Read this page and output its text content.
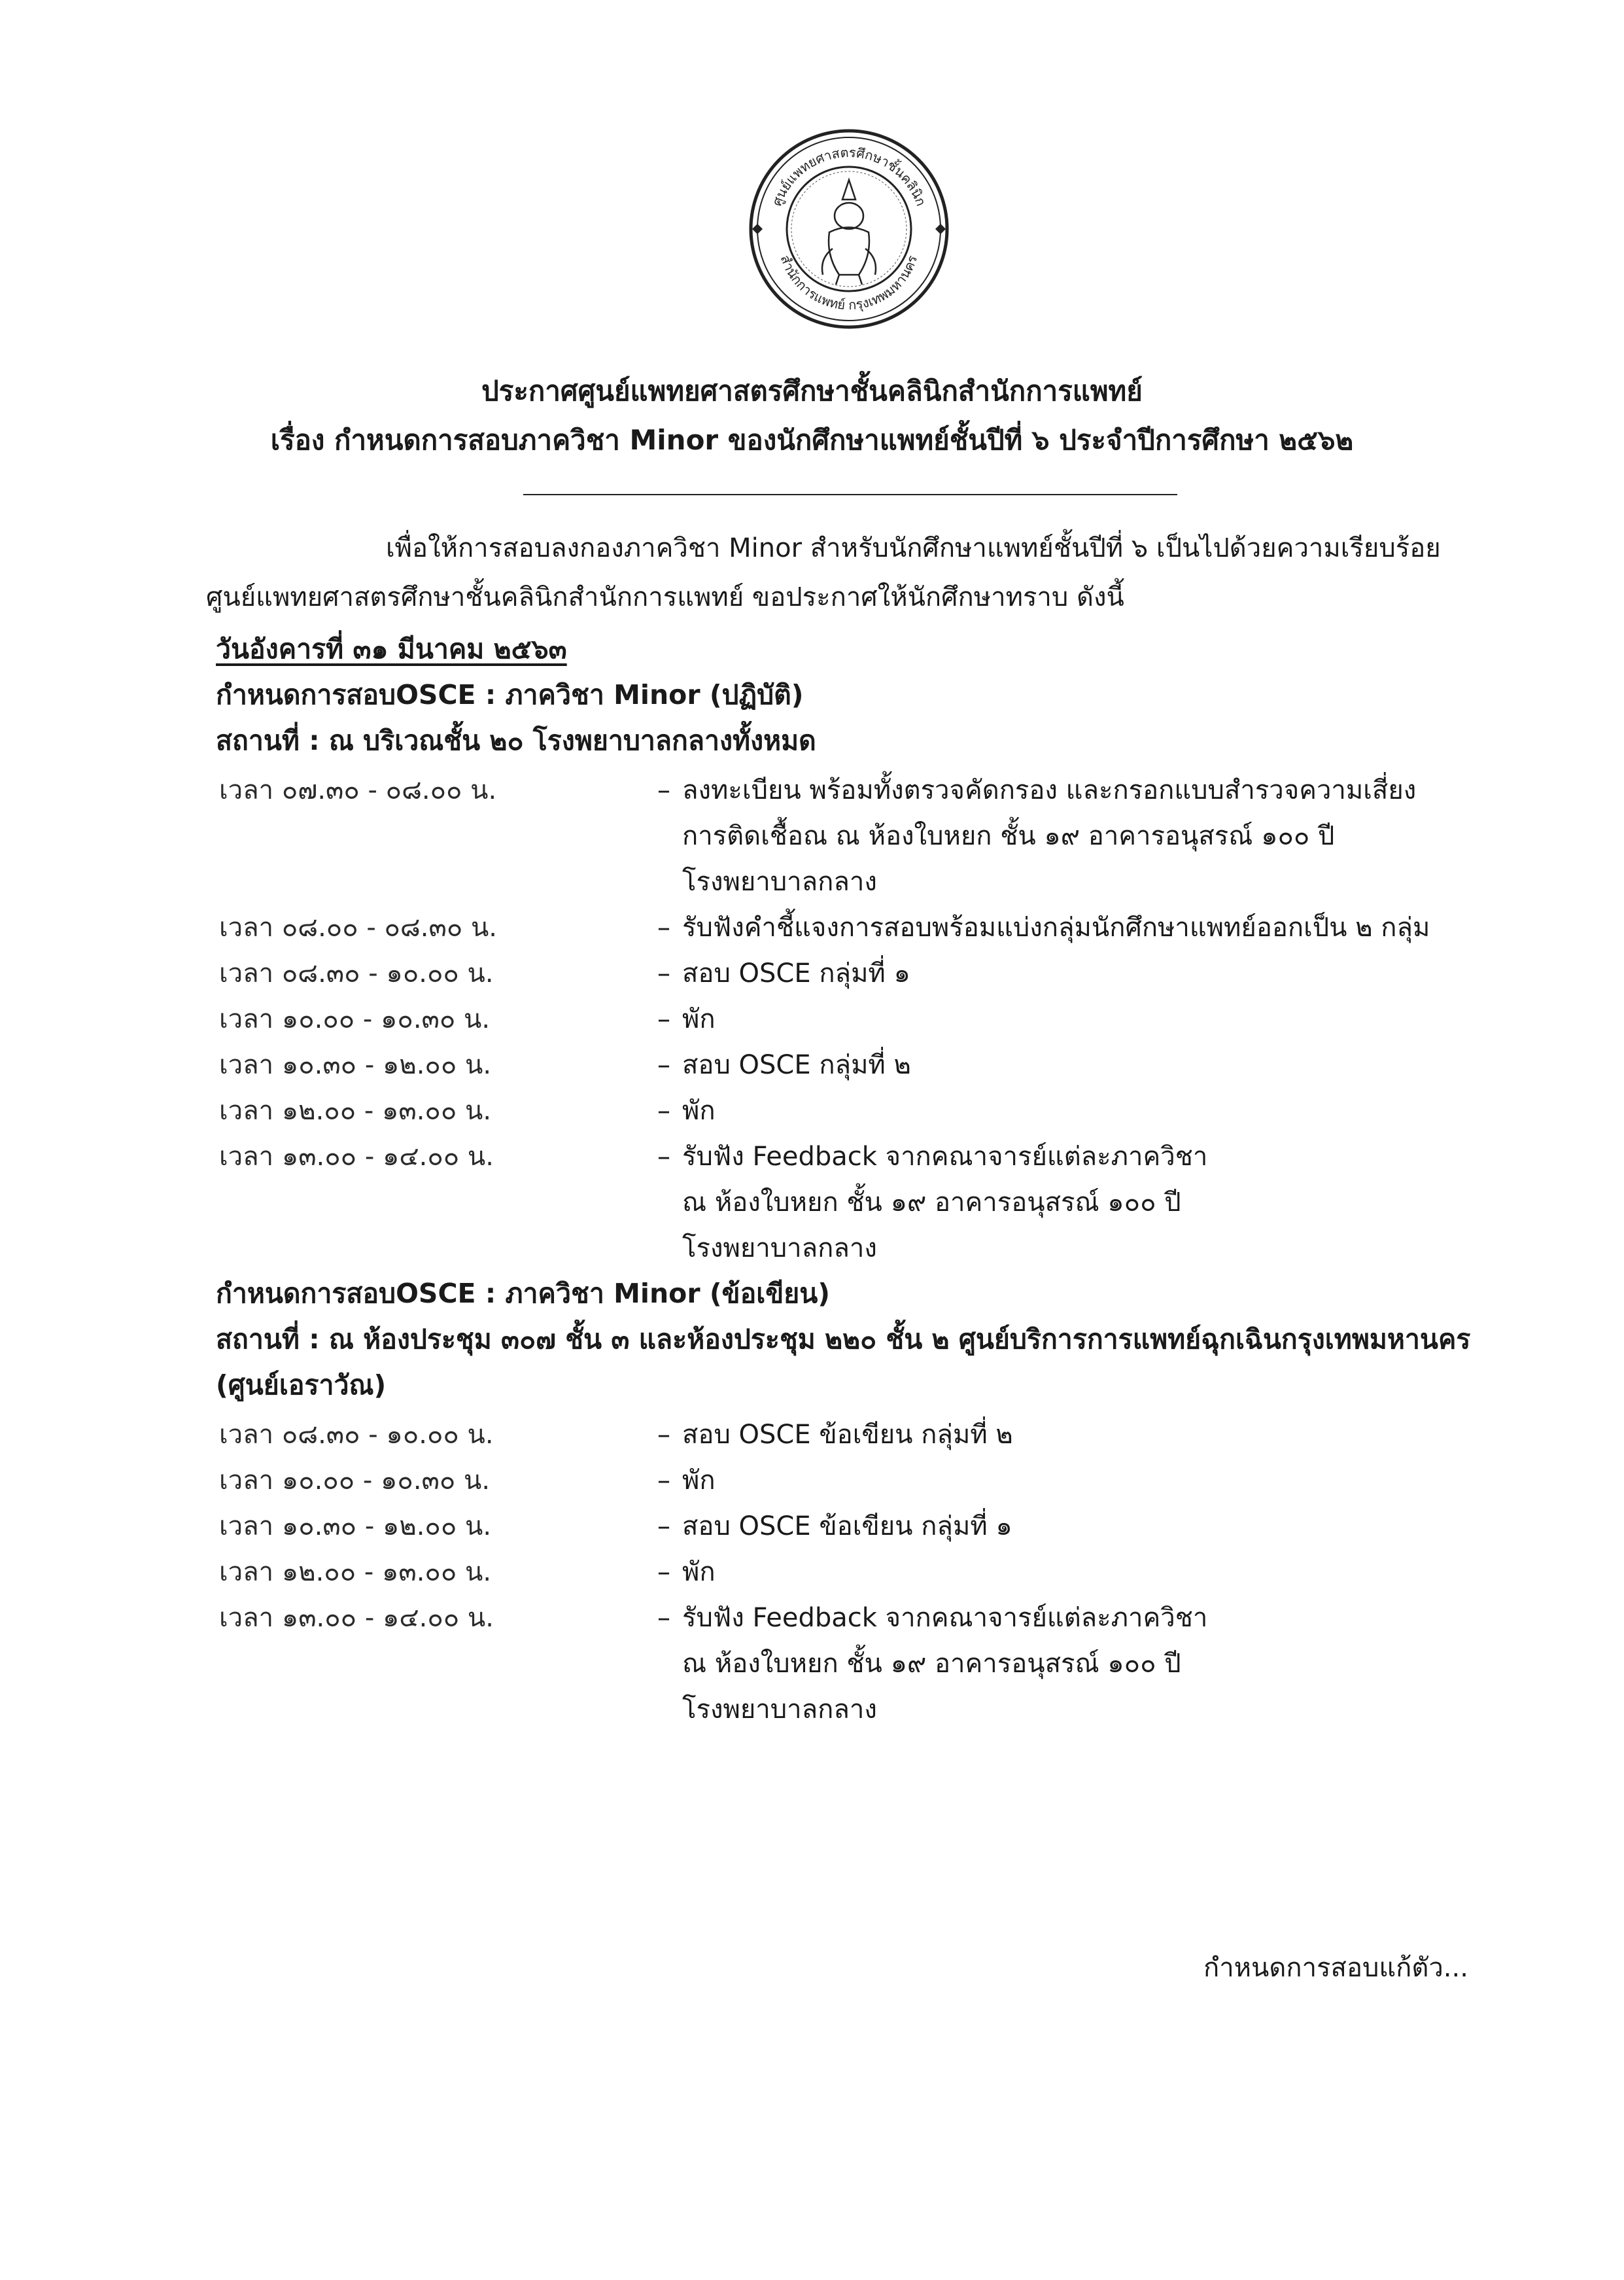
ศูนย์แพทยศาสตรศึกษาชั้นคลินิก
สำนักการแพทย์ กรุงเทพมหานคร
ประกาศศูนย์แพทยศาสตรศึกษาชั้นคลินิกสำนักการแพทย์
เรื่อง กำหนดการสอบภาควิชา Minor ของนักศึกษาแพทย์ชั้นปีที่ ๖ ประจำปีการศึกษา ๒๕๖๒
เพื่อให้การสอบลงกองภาควิชา Minor สำหรับนักศึกษาแพทย์ชั้นปีที่ ๖ เป็นไปด้วยความเรียบร้อย
ศูนย์แพทยศาสตรศึกษาชั้นคลินิกสำนักการแพทย์ ขอประกาศให้นักศึกษาทราบ ดังนี้
วันอังคารที่ ๓๑ มีนาคม ๒๕๖๓
กำหนดการสอบOSCE : ภาควิชา Minor (ปฏิบัติ)
สถานที่ : ณ บริเวณชั้น ๒๐ โรงพยาบาลกลางทั้งหมด
เวลา ๐๗.๓๐ - ๐๘.๐๐ น.	– ลงทะเบียน พร้อมทั้งตรวจคัดกรอง และกรอกแบบสำรวจความเสี่ยง
การติดเชื้อณ ณ ห้องใบหยก ชั้น ๑๙ อาคารอนุสรณ์ ๑๐๐ ปี
โรงพยาบาลกลาง
เวลา ๐๘.๐๐ - ๐๘.๓๐ น.	– รับฟังคำชี้แจงการสอบพร้อมแบ่งกลุ่มนักศึกษาแพทย์ออกเป็น ๒ กลุ่ม
เวลา ๐๘.๓๐ - ๑๐.๐๐ น.	– สอบ OSCE กลุ่มที่ ๑
เวลา ๑๐.๐๐ - ๑๐.๓๐ น.	– พัก
เวลา ๑๐.๓๐ - ๑๒.๐๐ น.	– สอบ OSCE กลุ่มที่ ๒
เวลา ๑๒.๐๐ - ๑๓.๐๐ น.	– พัก
เวลา ๑๓.๐๐ - ๑๔.๐๐ น.	– รับฟัง Feedback จากคณาจารย์แต่ละภาควิชา
ณ ห้องใบหยก ชั้น ๑๙ อาคารอนุสรณ์ ๑๐๐ ปี
โรงพยาบาลกลาง
กำหนดการสอบOSCE : ภาควิชา Minor (ข้อเขียน)
สถานที่ : ณ ห้องประชุม ๓๐๗ ชั้น ๓ และห้องประชุม ๒๒๐ ชั้น ๒ ศูนย์บริการการแพทย์ฉุกเฉินกรุงเทพมหานคร
(ศูนย์เอราวัณ)
เวลา ๐๘.๓๐ - ๑๐.๐๐ น.	– สอบ OSCE ข้อเขียน กลุ่มที่ ๒
เวลา ๑๐.๐๐ - ๑๐.๓๐ น.	– พัก
เวลา ๑๐.๓๐ - ๑๒.๐๐ น.	– สอบ OSCE ข้อเขียน กลุ่มที่ ๑
เวลา ๑๒.๐๐ - ๑๓.๐๐ น.	– พัก
เวลา ๑๓.๐๐ - ๑๔.๐๐ น.	– รับฟัง Feedback จากคณาจารย์แต่ละภาควิชา
ณ ห้องใบหยก ชั้น ๑๙ อาคารอนุสรณ์ ๑๐๐ ปี
โรงพยาบาลกลาง
กำหนดการสอบแก้ตัว...
